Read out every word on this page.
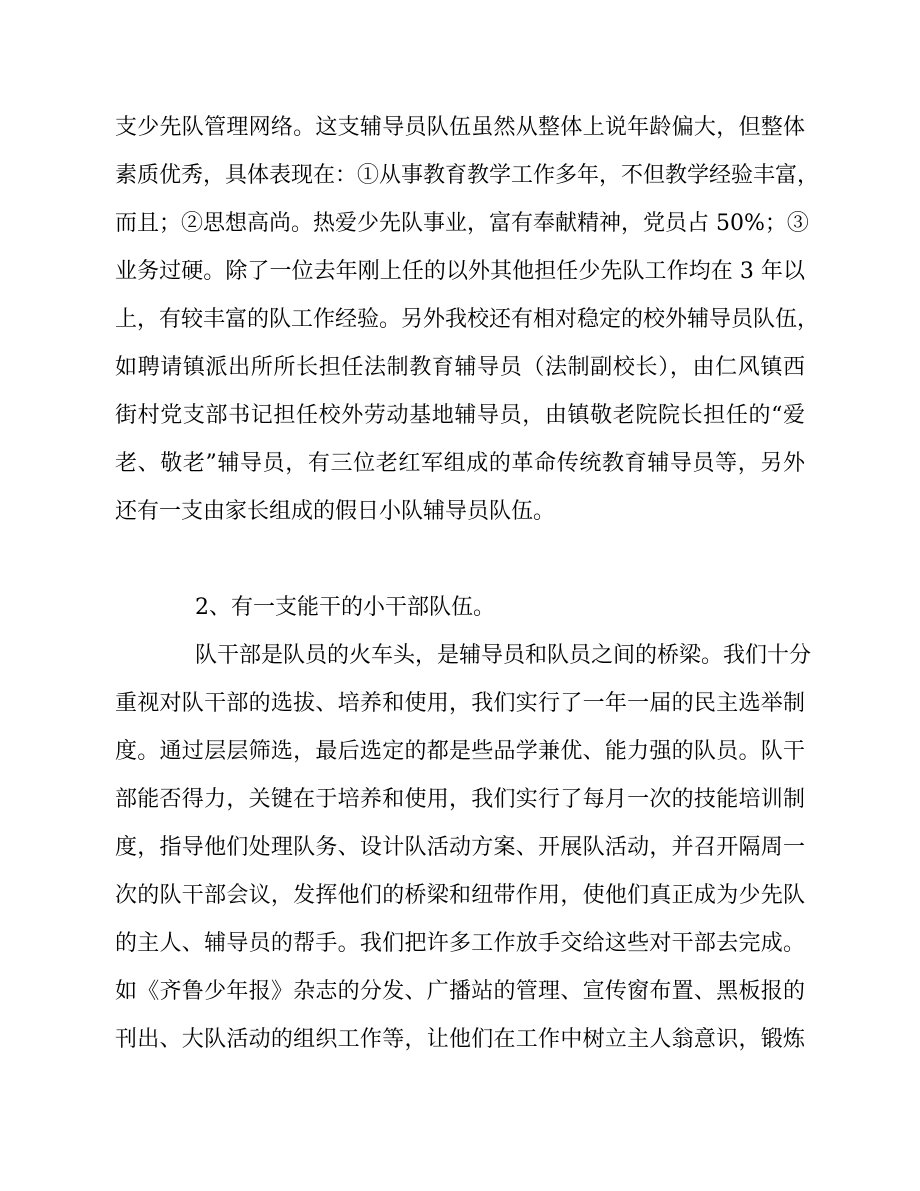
支少先队管理网络。这支辅导员队伍虽然从整体上说年龄偏大，但整体
素质优秀，具体表现在：①从事教育教学工作多年，不但教学经验丰富，
而且；②思想高尚。热爱少先队事业，富有奉献精神，党员占 50%；③
业务过硬。除了一位去年刚上任的以外其他担任少先队工作均在 3 年以
上，有较丰富的队工作经验。另外我校还有相对稳定的校外辅导员队伍，
如聘请镇派出所所长担任法制教育辅导员（法制副校长），由仁风镇西
街村党支部书记担任校外劳动基地辅导员，由镇敬老院院长担任的“爱
老、敬老”辅导员，有三位老红军组成的革命传统教育辅导员等，另外
还有一支由家长组成的假日小队辅导员队伍。
2、有一支能干的小干部队伍。
队干部是队员的火车头，是辅导员和队员之间的桥梁。我们十分
重视对队干部的选拔、培养和使用，我们实行了一年一届的民主选举制
度。通过层层筛选，最后选定的都是些品学兼优、能力强的队员。队干
部能否得力，关键在于培养和使用，我们实行了每月一次的技能培训制
度，指导他们处理队务、设计队活动方案、开展队活动，并召开隔周一
次的队干部会议，发挥他们的桥梁和纽带作用，使他们真正成为少先队
的主人、辅导员的帮手。我们把许多工作放手交给这些对干部去完成。
如《齐鲁少年报》杂志的分发、广播站的管理、宣传窗布置、黑板报的
刊出、大队活动的组织工作等，让他们在工作中树立主人翁意识，锻炼
